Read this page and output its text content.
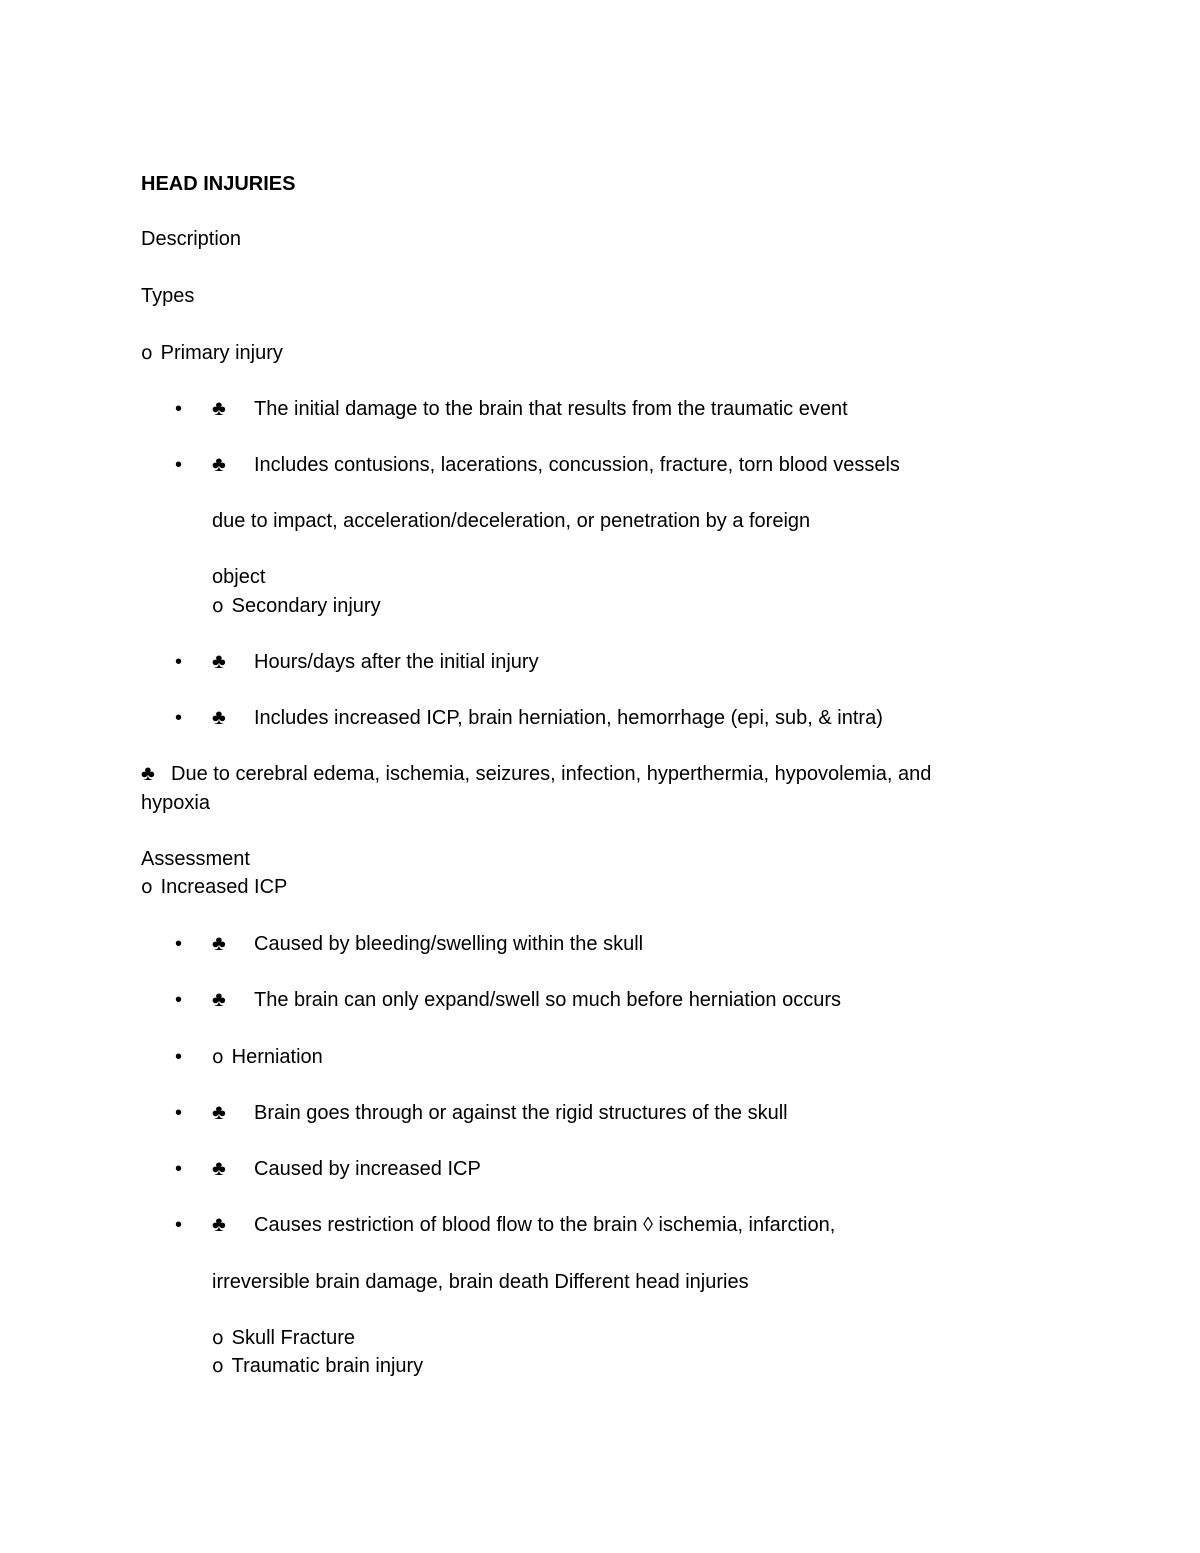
HEAD INJURIES
Description
Types
o Primary injury
• ♣ The initial damage to the brain that results from the traumatic event
• ♣ Includes contusions, lacerations, concussion, fracture, torn blood vessels
due to impact, acceleration/deceleration, or penetration by a foreign
object
o Secondary injury
• ♣ Hours/days after the initial injury
• ♣ Includes increased ICP, brain herniation, hemorrhage (epi, sub, & intra)
♣ Due to cerebral edema, ischemia, seizures, infection, hyperthermia, hypovolemia, and
hypoxia
Assessment
o Increased ICP
• ♣ Caused by bleeding/swelling within the skull
• ♣ The brain can only expand/swell so much before herniation occurs
• o Herniation
• ♣ Brain goes through or against the rigid structures of the skull
• ♣ Caused by increased ICP
• ♣ Causes restriction of blood flow to the brain ◊ ischemia, infarction,
irreversible brain damage, brain death Different head injuries
o Skull Fracture
o Traumatic brain injury
